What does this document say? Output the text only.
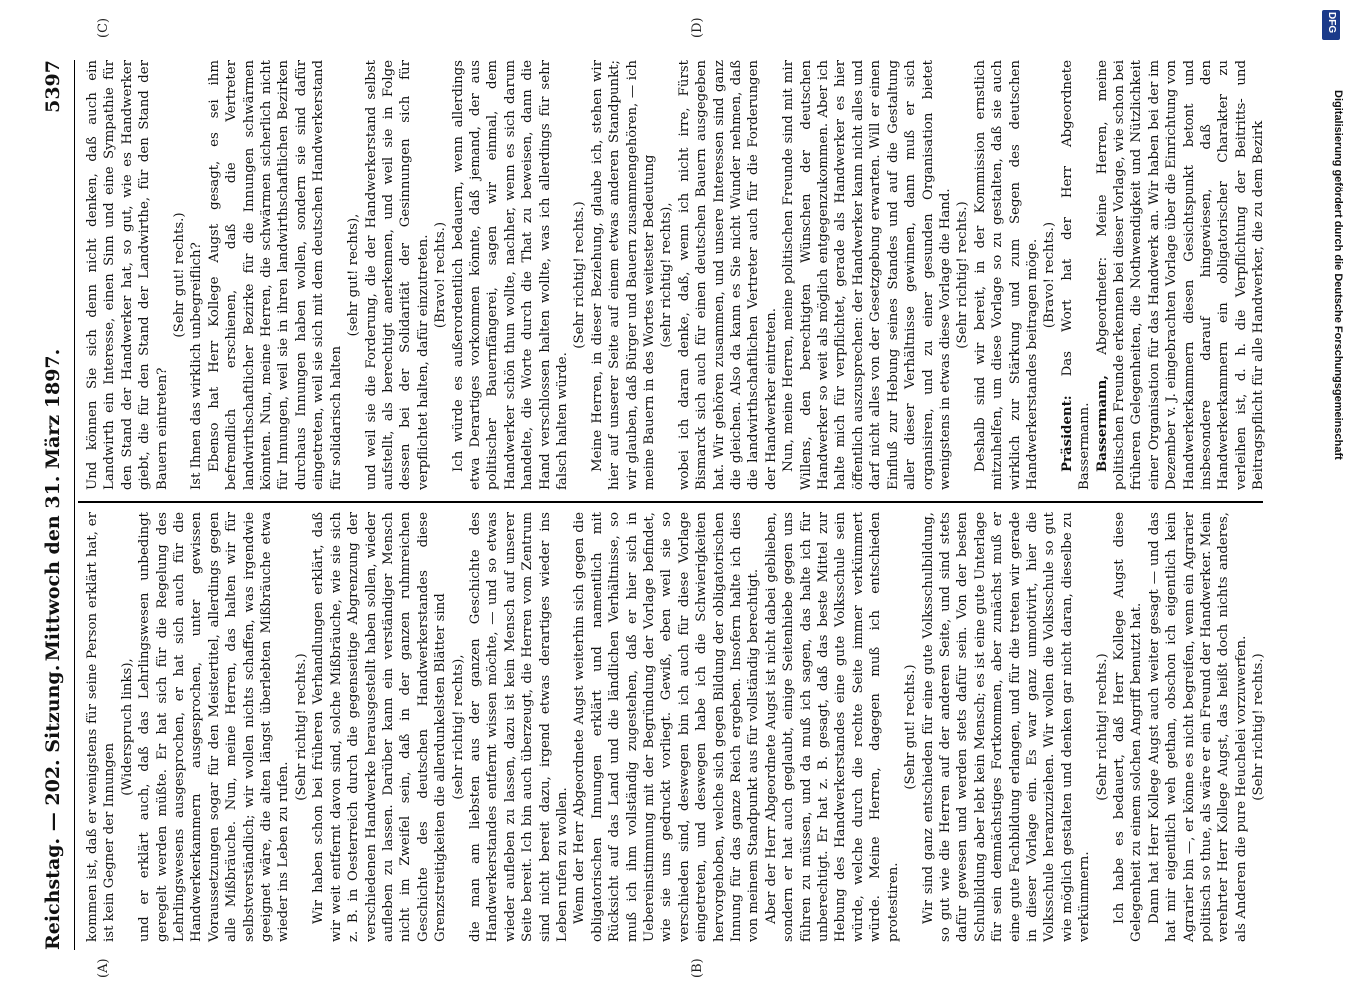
Reichstag. — 202. Sitzung.
Mittwoch den 31. März 1897.
5397

kommen ist, daß er wenigstens für seine Person erklärt hat, er ist kein Gegner der Innungen

(Widerspruch links), und er erklärt auch, daß das Lehrlingswesen unbedingt geregelt werden müßte. Er hat sich für die Regelung des Lehrlingswesens ausgesprochen, er hat sich auch für die Handwerkerkammern ausgesprochen, unter gewissen Voraussetzungen sogar für den Meistertitel, allerdings gegen alle Mißbräuche. Nun, meine Herren, das halten wir für selbstverständlich; wir wollen nichts schaffen, was irgendwie geeignet wäre, die alten längst überlebten Mißbräuche etwa wieder ins Leben zu rufen.

(Sehr richtig! rechts.) Wir haben schon bei früheren Verhandlungen erklärt, daß wir weit entfernt davon sind, solche Mißbräuche, wie sie sich z. B. in Oesterreich durch die gegenseitige Abgrenzung der verschiedenen Handwerke herausgestellt haben sollen, wieder aufleben zu lassen. Darüber kann ein verständiger Mensch nicht im Zweifel sein, daß in der ganzen ruhmreichen Geschichte des deutschen Handwerkerstandes diese Grenzstreitigkeiten die allerdunkelsten Blätter sind (sehr richtig! rechts), die man am liebsten aus der ganzen Geschichte des Handwerkerstandes entfernt wissen möchte, — und so etwas wieder aufleben zu lassen, dazu ist kein Mensch auf unserer Seite bereit. Ich bin auch überzeugt, die Herren vom Zentrum sind nicht bereit dazu, irgend etwas derartiges wieder ins Leben rufen zu wollen. Wenn der Herr Abgeordnete Augst weiterhin sich gegen die obligatorischen Innungen erklärt und namentlich mit Rücksicht auf das Land und die ländlichen Verhältnisse, so muß ich ihm vollständig zugestehen, daß er hier sich in Uebereinstimmung mit der Begründung der Vorlage befindet, wie sie uns gedruckt vorliegt. Gewiß, eben weil sie so verschieden sind, deswegen bin ich auch für diese Vorlage eingetreten, und deswegen habe ich die Schwierigkeiten hervorgehoben, welche sich gegen Bildung der obligatorischen Innung für das ganze Reich ergeben. Insofern halte ich dies von meinem Standpunkt aus für vollständig berechtigt. Aber der Herr Abgeordnete Augst ist nicht dabei geblieben, sondern er hat auch geglaubt, einige Seitenhiebe gegen uns führen zu müssen, und da muß ich sagen, das halte ich für unberechtigt. Er hat z. B. gesagt, daß das beste Mittel zur Hebung des Handwerkerstandes eine gute Volksschule sein würde, welche durch die rechte Seite immer verkümmert würde. Meine Herren, dagegen muß ich entschieden protestiren.

(Sehr gut! rechts.) Wir sind ganz entschieden für eine gute Volksschulbildung, so gut wie die Herren auf der anderen Seite, und sind stets dafür gewesen und werden stets dafür sein. Von der besten Schulbildung aber lebt kein Mensch; es ist eine gute Unterlage für sein demnächstiges Fortkommen, aber zunächst muß er eine gute Fachbildung erlangen, und für die treten wir gerade in dieser Vorlage ein. Es war ganz unmotivirt, hier die Volksschule heranzuziehen. Wir wollen die Volksschule so gut wie möglich gestalten und denken gar nicht daran, dieselbe zu verkümmern.

(Sehr richtig! rechts.) Ich habe es bedauert, daß Herr Kollege Augst diese Gelegenheit zu einem solchen Angriff benutzt hat. Dann hat Herr Kollege Augst auch weiter gesagt — und das hat mir eigentlich weh gethan, obschon ich eigentlich kein Agrarier bin —, er könne es nicht begreifen, wenn ein Agrarier politisch so thue, als wäre er ein Freund der Handwerker. Mein verehrter Herr Kollege Augst, das heißt doch nichts anderes, als Anderen die pure Heuchelei vorzuwerfen. (Sehr richtig! rechts.)

Und können Sie sich denn nicht denken, daß auch ein Landwirth ein Interesse, einen Sinn und eine Sympathie für den Stand der Handwerker hat, so gut, wie es Handwerker giebt, die für den Stand der Landwirthe, für den Stand der Bauern eintreten?

(Sehr gut! rechts.) Ist Ihnen das wirklich unbegreiflich? Ebenso hat Herr Kollege Augst gesagt, es sei ihm befremdlich erschienen, daß die Vertreter landwirthschaftlicher Bezirke für die Innungen schwärmen könnten. Nun, meine Herren, die schwärmen sicherlich nicht für Innungen, weil sie in ihren landwirthschaftlichen Bezirken durchaus Innungen haben wollen, sondern sie sind dafür eingetreten, weil sie sich mit dem deutschen Handwerkerstand für solidarisch halten

(sehr gut! rechts), und weil sie die Forderung, die der Handwerkerstand selbst aufstellt, als berechtigt anerkennen, und weil sie in Folge dessen bei der Solidarität der Gesinnungen sich für verpflichtet halten, dafür einzutreten. (Bravo! rechts.) Ich würde es außerordentlich bedauern, wenn allerdings etwa Derartiges vorkommen könnte, daß jemand, der aus politischer Bauernfängerei, sagen wir einmal, dem Handwerker schön thun wollte, nachher, wenn es sich darum handelte, die Worte durch die That zu beweisen, dann die Hand verschlossen halten wollte, was ich allerdings für sehr falsch halten würde.

(Sehr richtig! rechts.) Meine Herren, in dieser Beziehung, glaube ich, stehen wir hier auf unserer Seite auf einem etwas anderen Standpunkt; wir glauben, daß Bürger und Bauern zusammengehören, — ich meine Bauern in des Wortes weitester Bedeutung (sehr richtig! rechts), wobei ich daran denke, daß, wenn ich nicht irre, Fürst Bismarck sich auch für einen deutschen Bauern ausgegeben hat. Wir gehören zusammen, und unsere Interessen sind ganz die gleichen. Also da kann es Sie nicht Wunder nehmen, daß die landwirthschaftlichen Vertreter auch für die Forderungen der Handwerker eintreten. Nun, meine Herren, meine politischen Freunde sind mit mir Willens, den berechtigten Wünschen der deutschen Handwerker so weit als möglich entgegenzukommen. Aber ich halte mich für verpflichtet, gerade als Handwerker es hier öffentlich auszusprechen: der Handwerker kann nicht alles und darf nicht alles von der Gesetzgebung erwarten. Will er einen Einfluß zur Hebung seines Standes und auf die Gestaltung aller dieser Verhältnisse gewinnen, dann muß er sich organisiren, und zu einer gesunden Organisation bietet wenigstens in etwas diese Vorlage die Hand. (Sehr richtig! rechts.) Deshalb sind wir bereit, in der Kommission ernstlich mitzuhelfen, um diese Vorlage so zu gestalten, daß sie auch wirklich zur Stärkung und zum Segen des deutschen Handwerkerstandes beitragen möge. (Bravo! rechts.)

Präsident: Das Wort hat der Herr Abgeordnete Bassermann. Bassermann, Abgeordneter: Meine Herren, meine politischen Freunde erkennen bei dieser Vorlage, wie schon bei früheren Gelegenheiten, die Nothwendigkeit und Nützlichkeit einer Organisation für das Handwerk an. Wir haben bei der im Dezember v. J. eingebrachten Vorlage über die Einrichtung von Handwerkerkammern diesen Gesichtspunkt betont und insbesondere darauf hingewiesen, daß den Handwerkerkammern ein obligatorischer Charakter zu verleihen ist, d. h. die Verpflichtung der Beitritts- und Beitragspflicht für alle Handwerker, die zu dem Bezirk

(A)	(B)
(C)	(D)
Digitalisierung gefördert durch die Deutsche Forschungsgemeinschaft
DFG
